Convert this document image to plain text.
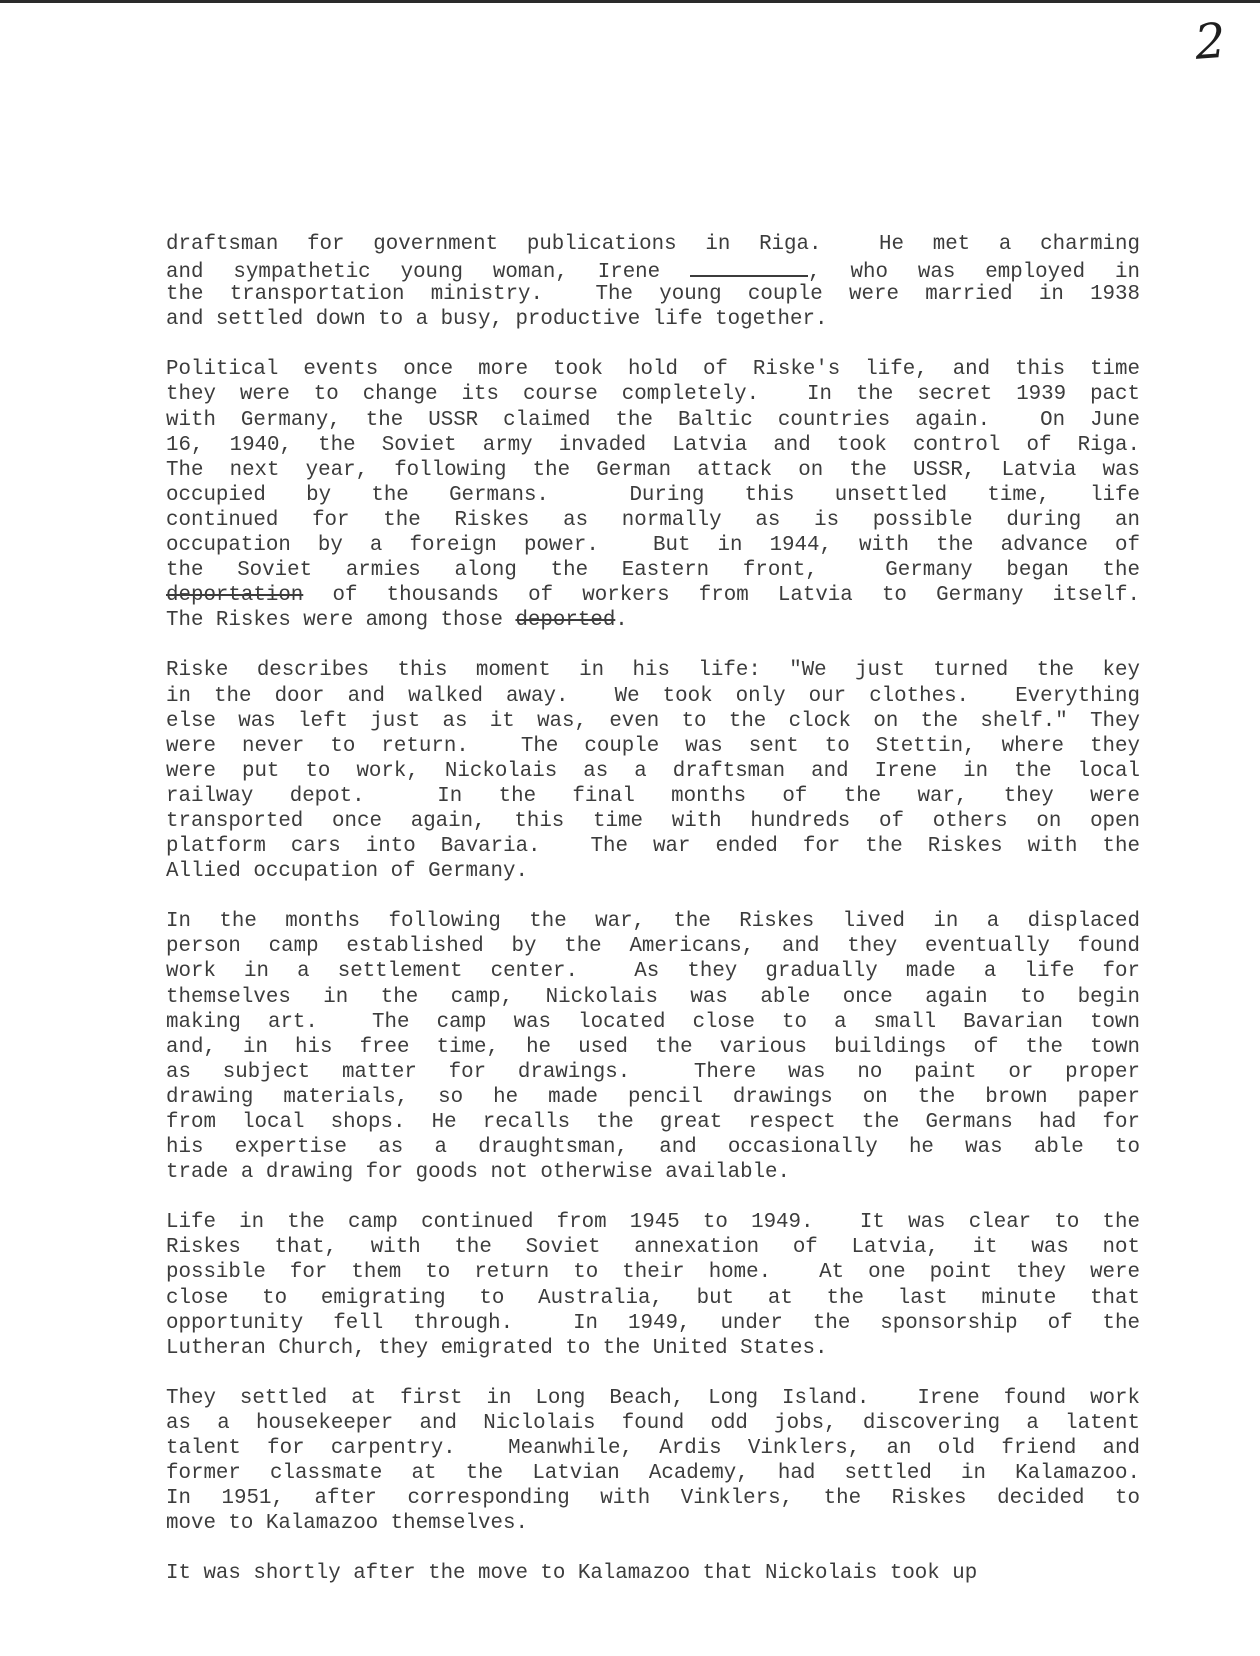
2
draftsman for government publications in Riga.  He met a charming
and sympathetic young woman, Irene	, who was employed in
the transportation ministry.  The young couple were married in 1938
and settled down to a busy, productive life together.
Political events once more took hold of Riske's life, and this time
they were to change its course completely.  In the secret 1939 pact
with Germany, the USSR claimed the Baltic countries again.  On June
16, 1940, the Soviet army invaded Latvia and took control of Riga.
The next year, following the German attack on the USSR, Latvia was
occupied by the Germans.  During this unsettled time, life
continued for the Riskes as normally as is possible during an
occupation by a foreign power.  But in 1944, with the advance of
the Soviet armies along the Eastern front,  Germany began the
deportation of thousands of workers from Latvia to Germany itself.
The Riskes were among those deported.
Riske describes this moment in his life: "We just turned the key
in the door and walked away.  We took only our clothes.  Everything
else was left just as it was, even to the clock on the shelf." They
were never to return.  The couple was sent to Stettin, where they
were put to work, Nickolais as a draftsman and Irene in the local
railway depot.  In the final months of the war, they were
transported once again, this time with hundreds of others on open
platform cars into Bavaria.  The war ended for the Riskes with the
Allied occupation of Germany.
In the months following the war, the Riskes lived in a displaced
person camp established by the Americans, and they eventually found
work in a settlement center.  As they gradually made a life for
themselves in the camp, Nickolais was able once again to begin
making art.  The camp was located close to a small Bavarian town
and, in his free time, he used the various buildings of the town
as subject matter for drawings.  There was no paint or proper
drawing materials, so he made pencil drawings on the brown paper
from local shops. He recalls the great respect the Germans had for
his expertise as a draughtsman, and occasionally he was able to
trade a drawing for goods not otherwise available.
Life in the camp continued from 1945 to 1949.  It was clear to the
Riskes that, with the Soviet annexation of Latvia, it was not
possible for them to return to their home.  At one point they were
close to emigrating to Australia, but at the last minute that
opportunity fell through.  In 1949, under the sponsorship of the
Lutheran Church, they emigrated to the United States.
They settled at first in Long Beach, Long Island.  Irene found work
as a housekeeper and Niclolais found odd jobs, discovering a latent
talent for carpentry.  Meanwhile, Ardis Vinklers, an old friend and
former classmate at the Latvian Academy, had settled in Kalamazoo.
In 1951, after corresponding with Vinklers, the Riskes decided to
move to Kalamazoo themselves.
It was shortly after the move to Kalamazoo that Nickolais took up
